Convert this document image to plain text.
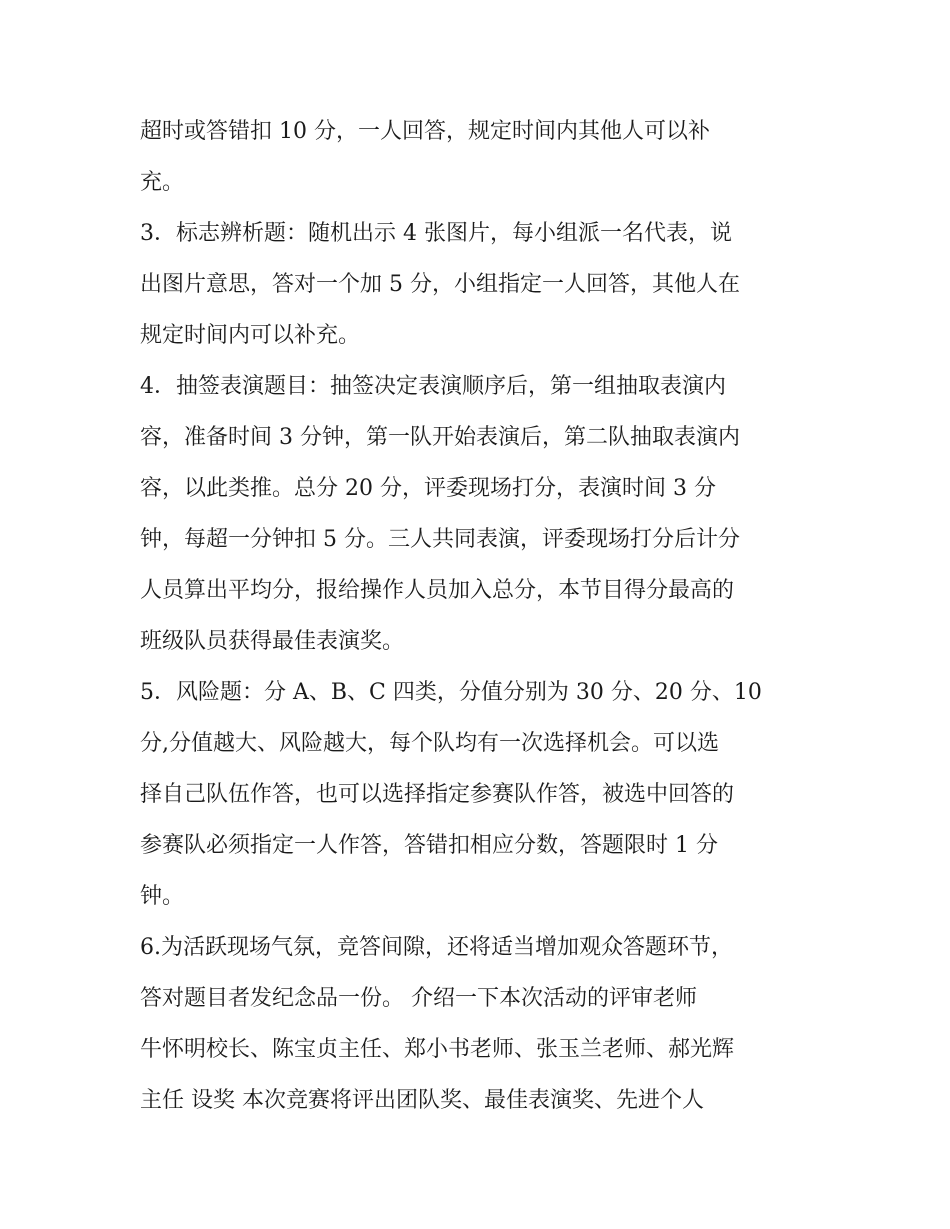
超时或答错扣 10 分，一人回答，规定时间内其他人可以补
充。
3．标志辨析题：随机出示 4 张图片，每小组派一名代表，说
出图片意思，答对一个加 5 分，小组指定一人回答，其他人在
规定时间内可以补充。
4．抽签表演题目：抽签决定表演顺序后，第一组抽取表演内
容，准备时间 3 分钟，第一队开始表演后，第二队抽取表演内
容，以此类推。总分 20 分，评委现场打分，表演时间 3 分
钟，每超一分钟扣 5 分。三人共同表演，评委现场打分后计分
人员算出平均分，报给操作人员加入总分，本节目得分最高的
班级队员获得最佳表演奖。
5．风险题：分 A、B、C 四类，分值分别为 30 分、20 分、10
分,分值越大、风险越大，每个队均有一次选择机会。可以选
择自己队伍作答，也可以选择指定参赛队作答，被选中回答的
参赛队必须指定一人作答，答错扣相应分数，答题限时 1 分
钟。
6.为活跃现场气氛，竞答间隙，还将适当增加观众答题环节，
答对题目者发纪念品一份。 介绍一下本次活动的评审老师
牛怀明校长、陈宝贞主任、郑小书老师、张玉兰老师、郝光辉
主任 设奖 本次竞赛将评出团队奖、最佳表演奖、先进个人
